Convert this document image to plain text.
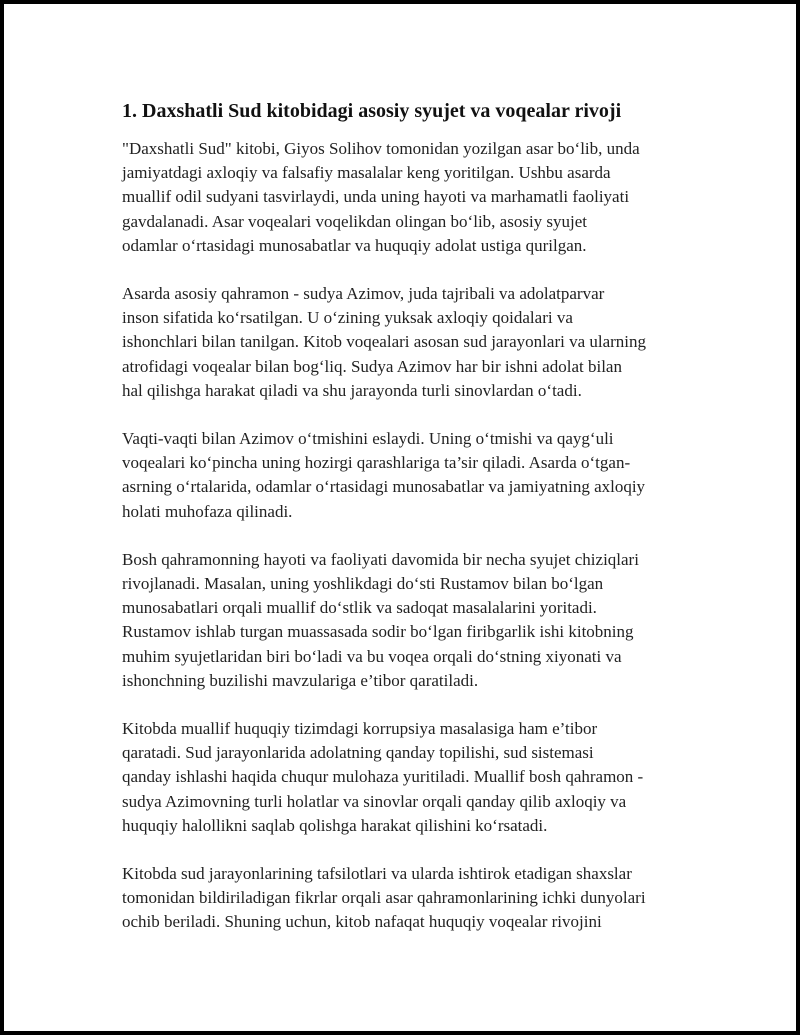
1. Daxshatli Sud kitobidagi asosiy syujet va voqealar rivoji

"Daxshatli Sud" kitobi, Giyos Solihov tomonidan yozilgan asar bo‘lib, unda
jamiyatdagi axloqiy va falsafiy masalalar keng yoritilgan. Ushbu asarda
muallif odil sudyani tasvirlaydi, unda uning hayoti va marhamatli faoliyati
gavdalanadi. Asar voqealari voqelikdan olingan bo‘lib, asosiy syujet
odamlar o‘rtasidagi munosabatlar va huquqiy adolat ustiga qurilgan.

Asarda asosiy qahramon - sudya Azimov, juda tajribali va adolatparvar
inson sifatida ko‘rsatilgan. U o‘zining yuksak axloqiy qoidalari va
ishonchlari bilan tanilgan. Kitob voqealari asosan sud jarayonlari va ularning
atrofidagi voqealar bilan bog‘liq. Sudya Azimov har bir ishni adolat bilan
hal qilishga harakat qiladi va shu jarayonda turli sinovlardan o‘tadi.

Vaqti-vaqti bilan Azimov o‘tmishini eslaydi. Uning o‘tmishi va qayg‘uli
voqealari ko‘pincha uning hozirgi qarashlariga ta’sir qiladi. Asarda o‘tgan-
asrning o‘rtalarida, odamlar o‘rtasidagi munosabatlar va jamiyatning axloqiy
holati muhofaza qilinadi.

Bosh qahramonning hayoti va faoliyati davomida bir necha syujet chiziqlari
rivojlanadi. Masalan, uning yoshlikdagi do‘sti Rustamov bilan bo‘lgan
munosabatlari orqali muallif do‘stlik va sadoqat masalalarini yoritadi.
Rustamov ishlab turgan muassasada sodir bo‘lgan firibgarlik ishi kitobning
muhim syujetlaridan biri bo‘ladi va bu voqea orqali do‘stning xiyonati va
ishonchning buzilishi mavzulariga e’tibor qaratiladi.

Kitobda muallif huquqiy tizimdagi korrupsiya masalasiga ham e’tibor
qaratadi. Sud jarayonlarida adolatning qanday topilishi, sud sistemasi
qanday ishlashi haqida chuqur mulohaza yuritiladi. Muallif bosh qahramon -
sudya Azimovning turli holatlar va sinovlar orqali qanday qilib axloqiy va
huquqiy halollikni saqlab qolishga harakat qilishini ko‘rsatadi.

Kitobda sud jarayonlarining tafsilotlari va ularda ishtirok etadigan shaxslar
tomonidan bildiriladigan fikrlar orqali asar qahramonlarining ichki dunyolari
ochib beriladi. Shuning uchun, kitob nafaqat huquqiy voqealar rivojini
